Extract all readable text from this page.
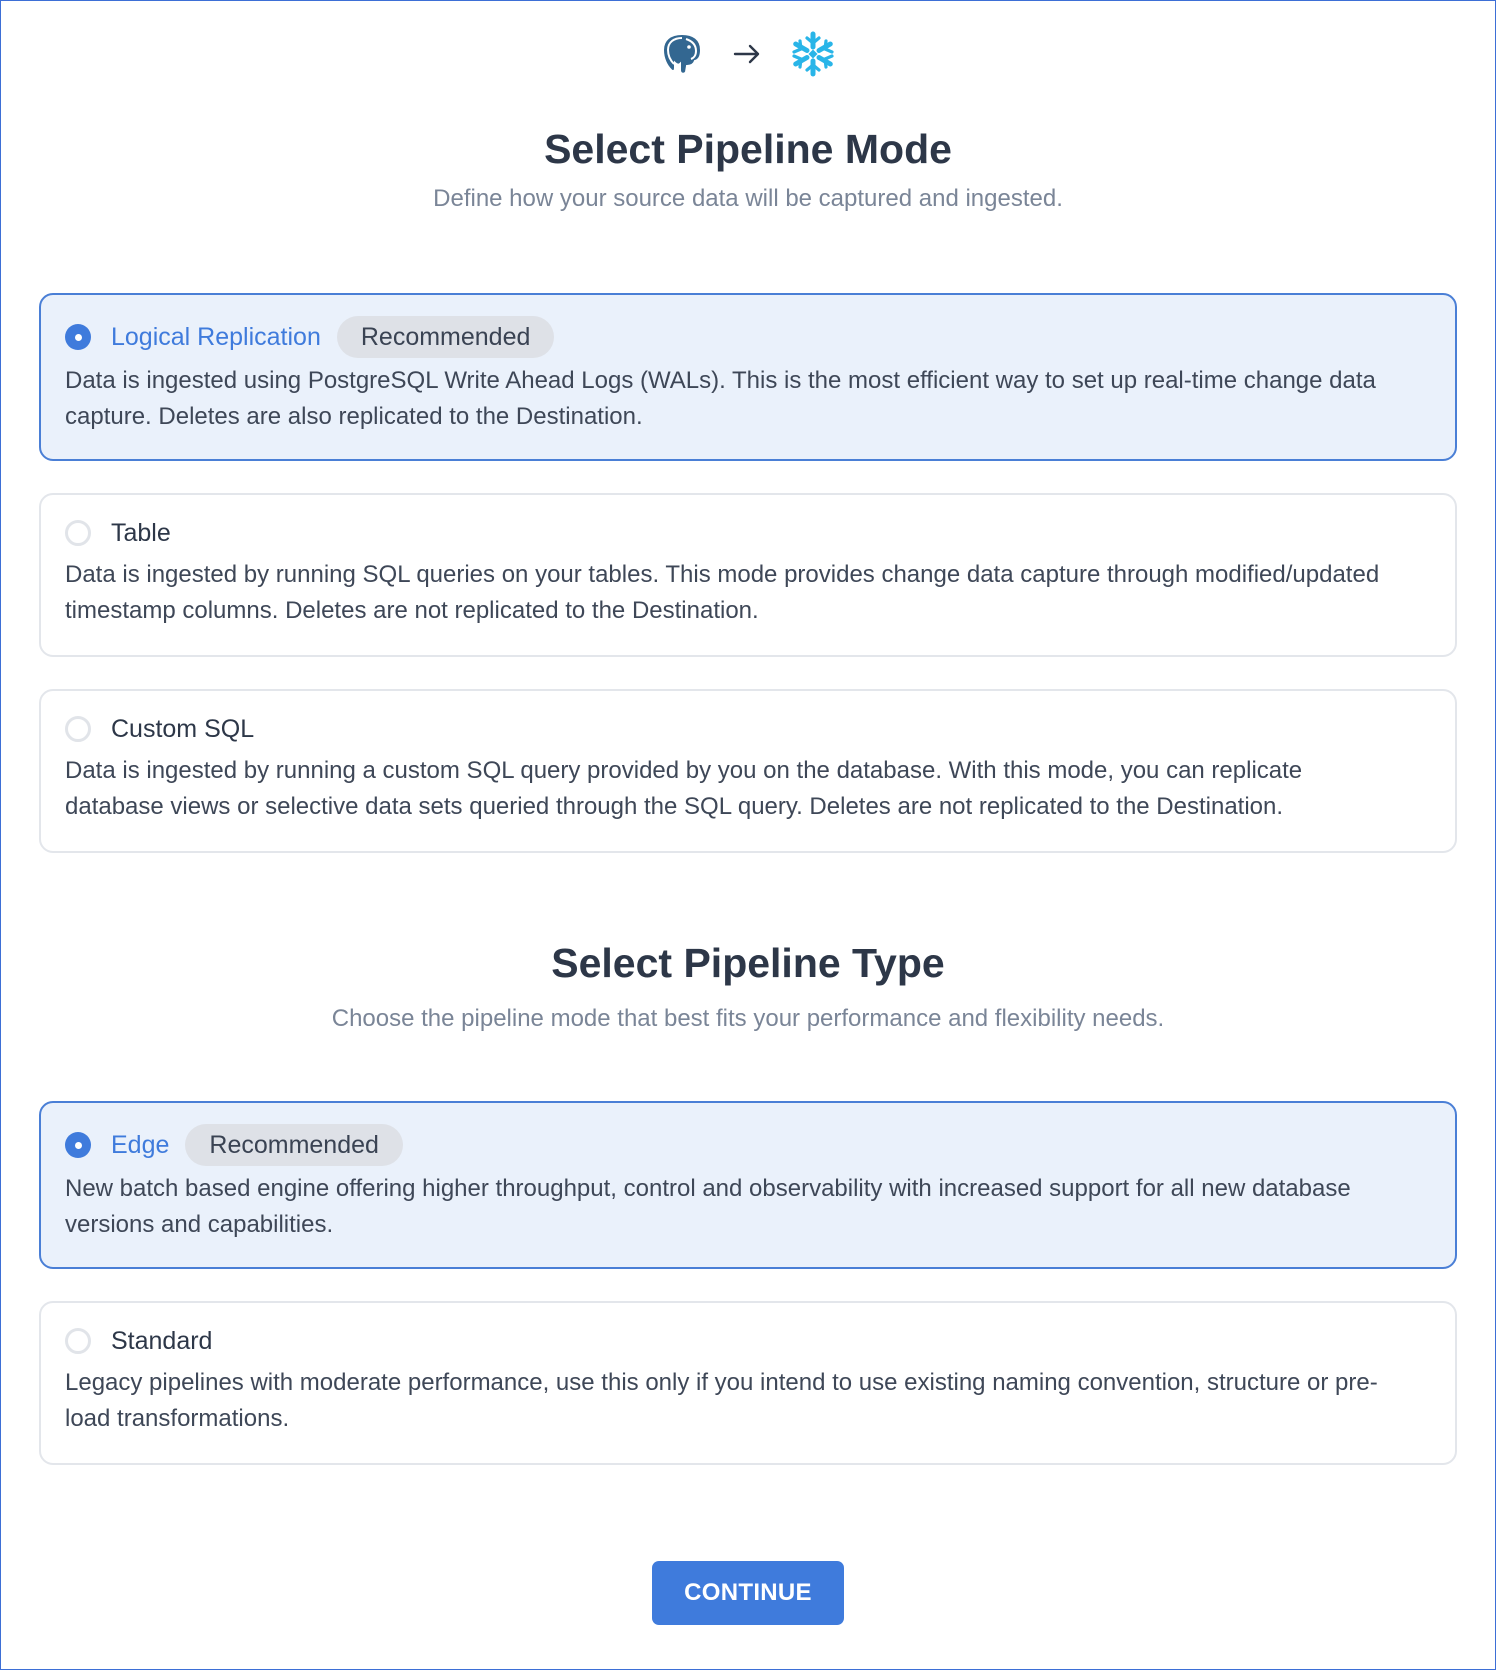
Select Pipeline Mode

Define how your source data will be captured and ingested.

Logical Replication	Recommended

Data is ingested using PostgreSQL Write Ahead Logs (WALs). This is the most efficient way to set up real-time change data capture. Deletes are also replicated to the Destination.

Table

Data is ingested by running SQL queries on your tables. This mode provides change data capture through modified/updated timestamp columns. Deletes are not replicated to the Destination.

Custom SQL

Data is ingested by running a custom SQL query provided by you on the database. With this mode, you can replicate database views or selective data sets queried through the SQL query. Deletes are not replicated to the Destination.

Select Pipeline Type

Choose the pipeline mode that best fits your performance and flexibility needs.

Edge	Recommended

New batch based engine offering higher throughput, control and observability with increased support for all new database versions and capabilities.

Standard

Legacy pipelines with moderate performance, use this only if you intend to use existing naming convention, structure or pre-load transformations.

CONTINUE
